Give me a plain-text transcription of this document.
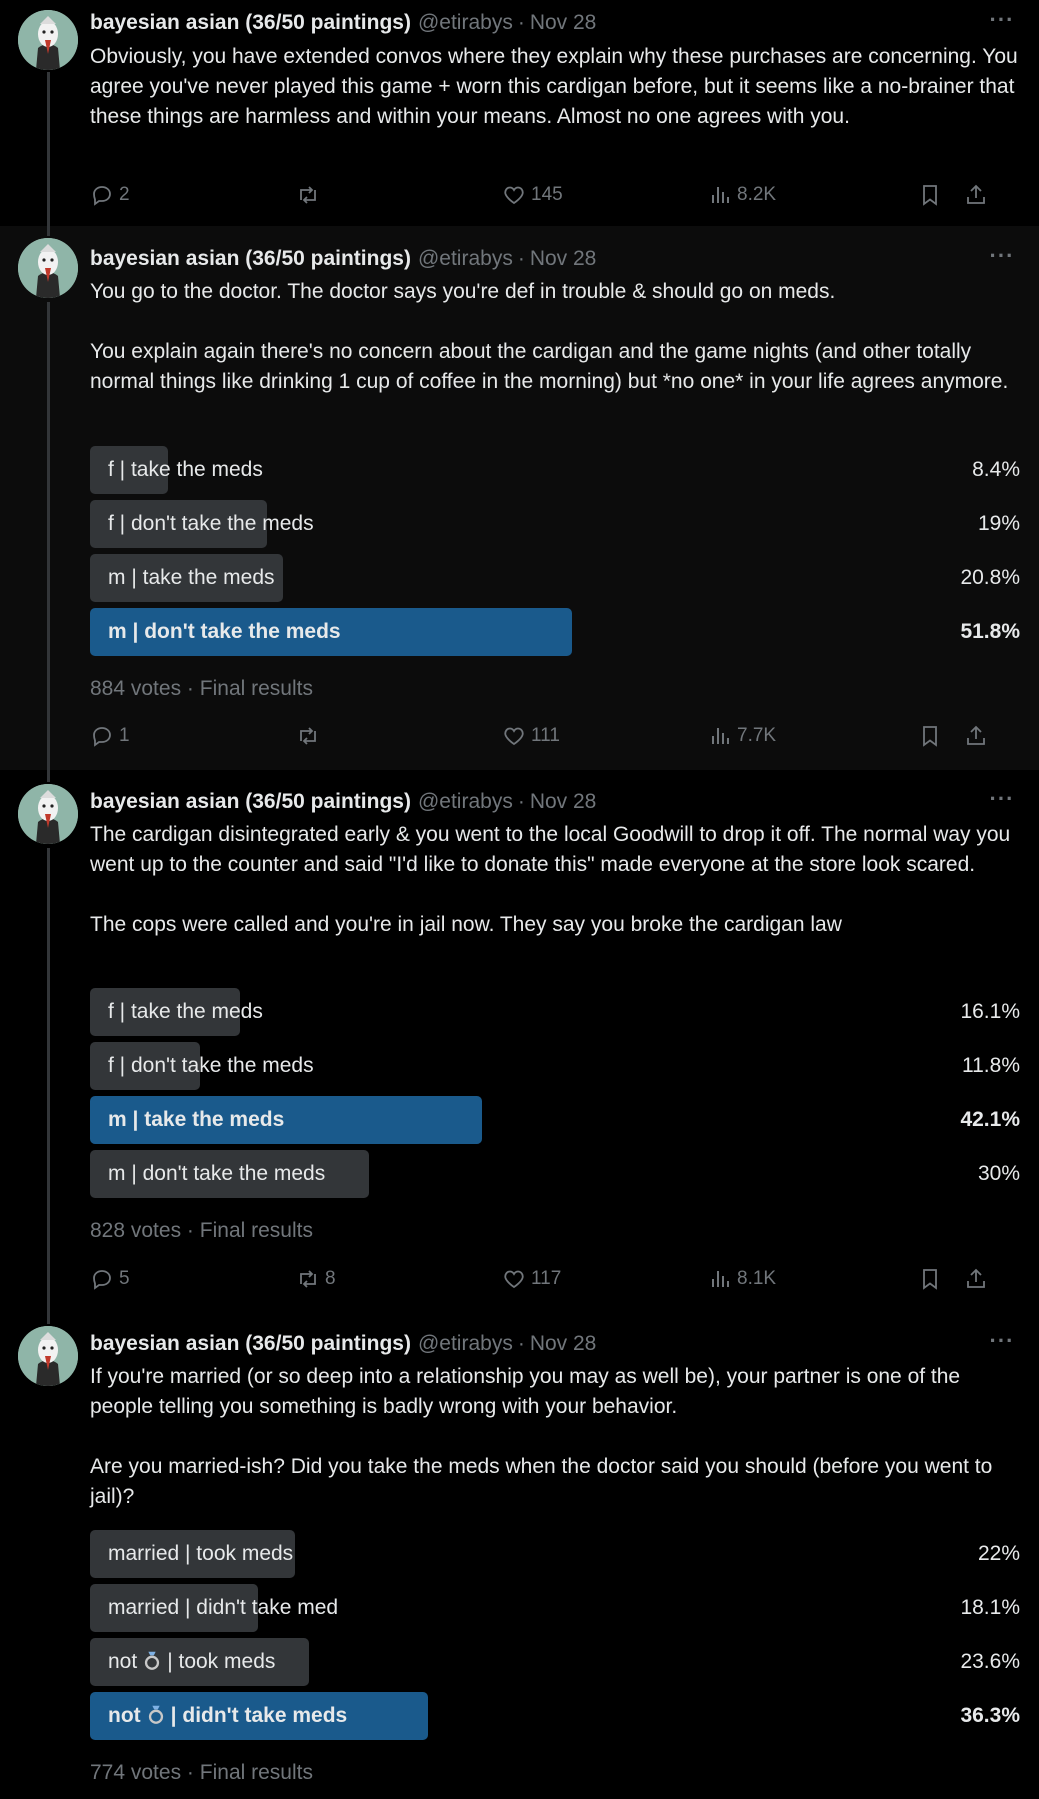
bayesian asian (36/50 paintings) @etirabys · Nov 28	···
Obviously, you have extended convos where they explain why these purchases are concerning. You agree you've never played this game + worn this cardigan before, but it seems like a no-brainer that these things are harmless and within your means. Almost no one agrees with you.
2	145	8.2K
bayesian asian (36/50 paintings) @etirabys · Nov 28	···
You go to the doctor. The doctor says you're def in trouble & should go on meds.

You explain again there's no concern about the cardigan and the game nights (and other totally normal things like drinking 1 cup of coffee in the morning) but *no one* in your life agrees anymore.
f | take the meds	8.4%
f | don't take the meds	19%
m | take the meds	20.8%
m | don't take the meds	51.8%
884 votes · Final results
1	111	7.7K
bayesian asian (36/50 paintings) @etirabys · Nov 28	···
The cardigan disintegrated early & you went to the local Goodwill to drop it off. The normal way you went up to the counter and said "I'd like to donate this" made everyone at the store look scared.

The cops were called and you're in jail now. They say you broke the cardigan law
f | take the meds	16.1%
f | don't take the meds	11.8%
m | take the meds	42.1%
m | don't take the meds	30%
828 votes · Final results
5	8	117	8.1K
bayesian asian (36/50 paintings) @etirabys · Nov 28	···
If you're married (or so deep into a relationship you may as well be), your partner is one of the people telling you something is badly wrong with your behavior.

Are you married-ish? Did you take the meds when the doctor said you should (before you went to jail)?
married | took meds	22%
married | didn't take med	18.1%
not | took meds	23.6%
not | didn't take meds	36.3%
774 votes · Final results
